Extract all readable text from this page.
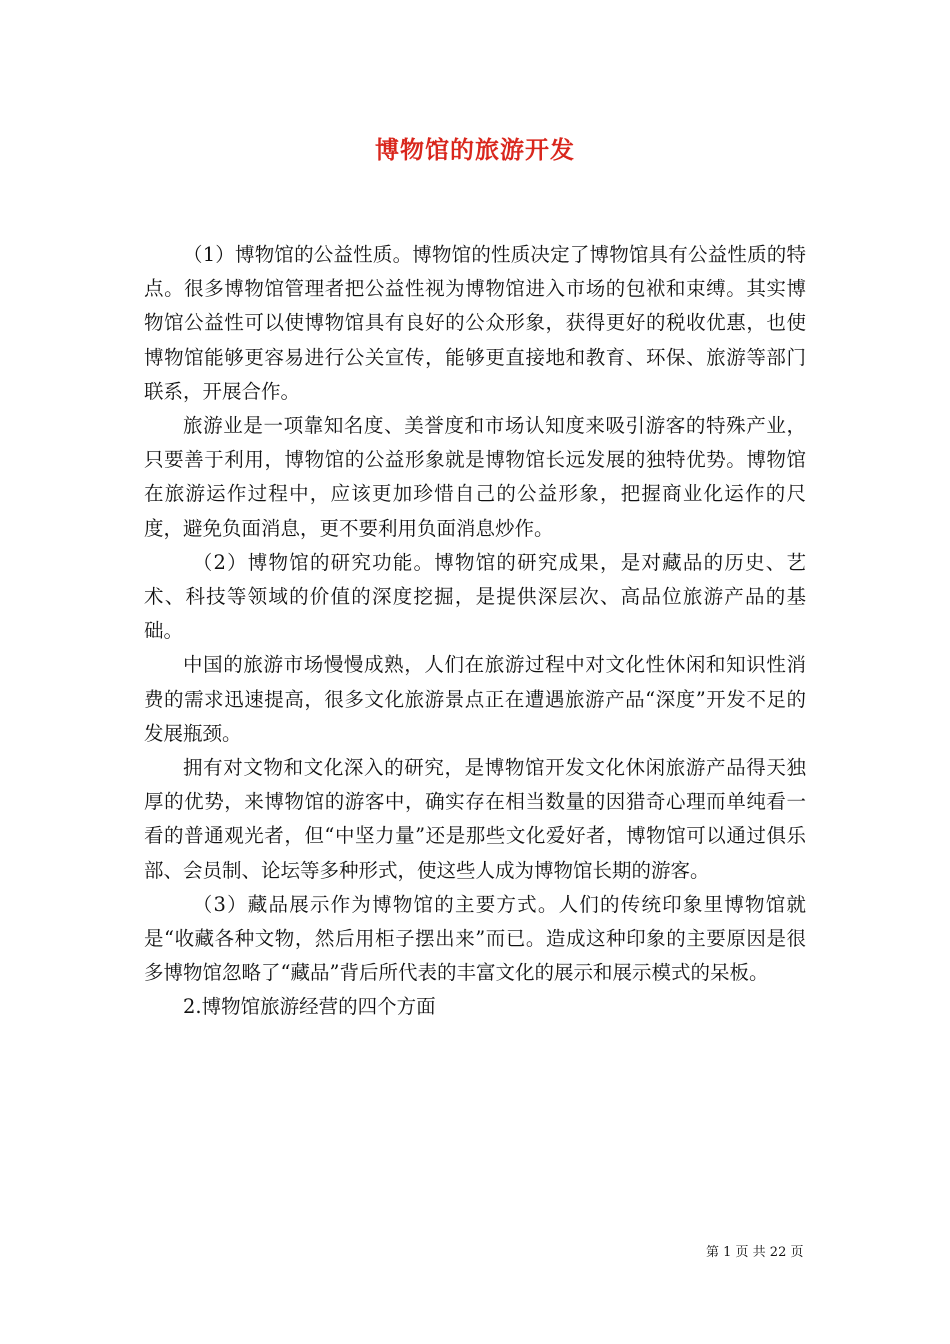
博物馆的旅游开发

（1）博物馆的公益性质。博物馆的性质决定了博物馆具有公益性质的特点。很多博物馆管理者把公益性视为博物馆进入市场的包袱和束缚。其实博物馆公益性可以使博物馆具有良好的公众形象，获得更好的税收优惠，也使博物馆能够更容易进行公关宣传，能够更直接地和教育、环保、旅游等部门联系，开展合作。

旅游业是一项靠知名度、美誉度和市场认知度来吸引游客的特殊产业，只要善于利用，博物馆的公益形象就是博物馆长远发展的独特优势。博物馆在旅游运作过程中，应该更加珍惜自己的公益形象，把握商业化运作的尺度，避免负面消息，更不要利用负面消息炒作。

（2）博物馆的研究功能。博物馆的研究成果，是对藏品的历史、艺术、科技等领域的价值的深度挖掘，是提供深层次、高品位旅游产品的基础。

中国的旅游市场慢慢成熟，人们在旅游过程中对文化性休闲和知识性消费的需求迅速提高，很多文化旅游景点正在遭遇旅游产品“深度”开发不足的发展瓶颈。

拥有对文物和文化深入的研究，是博物馆开发文化休闲旅游产品得天独厚的优势，来博物馆的游客中，确实存在相当数量的因猎奇心理而单纯看一看的普通观光者，但“中坚力量”还是那些文化爱好者，博物馆可以通过俱乐部、会员制、论坛等多种形式，使这些人成为博物馆长期的游客。

（3）藏品展示作为博物馆的主要方式。人们的传统印象里博物馆就是“收藏各种文物，然后用柜子摆出来”而已。造成这种印象的主要原因是很多博物馆忽略了“藏品”背后所代表的丰富文化的展示和展示模式的呆板。

2.博物馆旅游经营的四个方面

第 1 页 共 22 页
